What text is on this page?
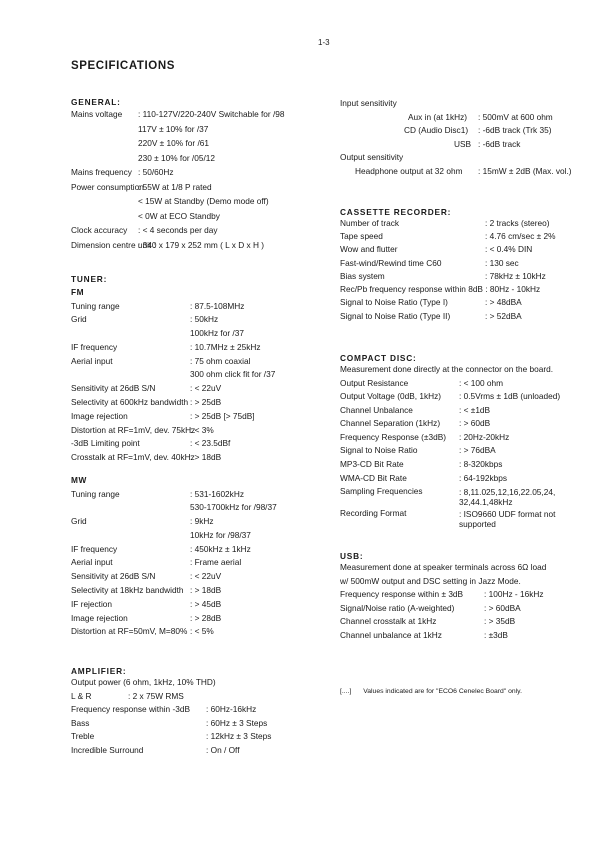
1-3
SPECIFICATIONS
GENERAL:
Mains voltage : 110-127V/220-240V Switchable for /98
117V ± 10% for /37
220V ± 10% for /61
230 ± 10% for /05/12
Mains frequency : 50/60Hz
Power consumption
: 55W at 1/8 P rated
< 15W at Standby (Demo mode off)
< 0W at ECO Standby
Clock accuracy : < 4 seconds per day
Dimension centre unit :
: 340 x 179 x 252 mm ( L x D x H )
TUNER:
FM
Tuning range	: 87.5-108MHz
Grid	: 50kHz
100kHz for /37
IF frequency	: 10.7MHz ± 25kHz
Aerial input	: 75 ohm coaxial
300 ohm click fit for /37
Sensitivity at 26dB S/N	: < 22uV
Selectivity at 600kHz bandwidth : > 25dB
Image rejection	: > 25dB [> 75dB]
Distortion at RF=1mV, dev. 75kHz
: < 3%
-3dB Limiting point	: < 23.5dBf
Crosstalk at RF=1mV, dev. 40kHz
: > 18dB
MW
Tuning range	: 531-1602kHz
530-1700kHz for /98/37
Grid	: 9kHz
10kHz for /98/37
IF frequency	: 450kHz ± 1kHz
Aerial input	: Frame aerial
Sensitivity at 26dB S/N	: < 22uV
Selectivity at 18kHz bandwidth : > 18dB
IF rejection	: > 45dB
Image rejection	: > 28dB
Distortion at RF=50mV, M=80% : < 5%
AMPLIFIER:
Output power (6 ohm, 1kHz, 10% THD)
L & R	: 2 x 75W RMS
Frequency response within -3dB : 60Hz-16kHz
Bass	: 60Hz ± 3 Steps
Treble	: 12kHz ± 3 Steps
Incredible Surround	: On / Off
Input sensitivity
Aux in (at 1kHz) : 500mV at 600 ohm
CD (Audio Disc1) : -6dB track (Trk 35)
USB : -6dB track
Output sensitivity
Headphone output at 32 ohm : 15mW ± 2dB (Max. vol.)
CASSETTE RECORDER:
Number of track	: 2 tracks (stereo)
Tape speed	: 4.76 cm/sec ± 2%
Wow and flutter	: < 0.4% DIN
Fast-wind/Rewind time C60	: 130 sec
Bias system	: 78kHz ± 10kHz
Rec/Pb frequency response within 8dB : 80Hz - 10kHz
Signal to Noise Ratio (Type I)	: > 48dBA
Signal to Noise Ratio (Type II)	: > 52dBA
COMPACT DISC:
Measurement done directly at the connector on the board.
Output Resistance	: < 100 ohm
Output Voltage (0dB, 1kHz) : 0.5Vrms ± 1dB (unloaded)
Channel Unbalance	: < ±1dB
Channel Separation (1kHz) : > 60dB
Frequency Response (±3dB) : 20Hz-20kHz
Signal to Noise Ratio	: > 76dBA
MP3-CD Bit Rate	: 8-320kbps
WMA-CD Bit Rate	: 64-192kbps
Sampling Frequencies	: 8,11.025,12,16,22.05,24, 32,44.1,48kHz
Recording Format	: ISO9660 UDF format not supported
USB:
Measurement done at speaker terminals across 6Ω load
w/ 500mW output and DSC setting in Jazz Mode.
Frequency response within ± 3dB	: 100Hz - 16kHz
Signal/Noise ratio (A-weighted)	: > 60dBA
Channel crosstalk at 1kHz	: > 35dB
Channel unbalance at 1kHz	: ±3dB
[....] Values indicated are for "ECO6 Cenelec Board" only.
